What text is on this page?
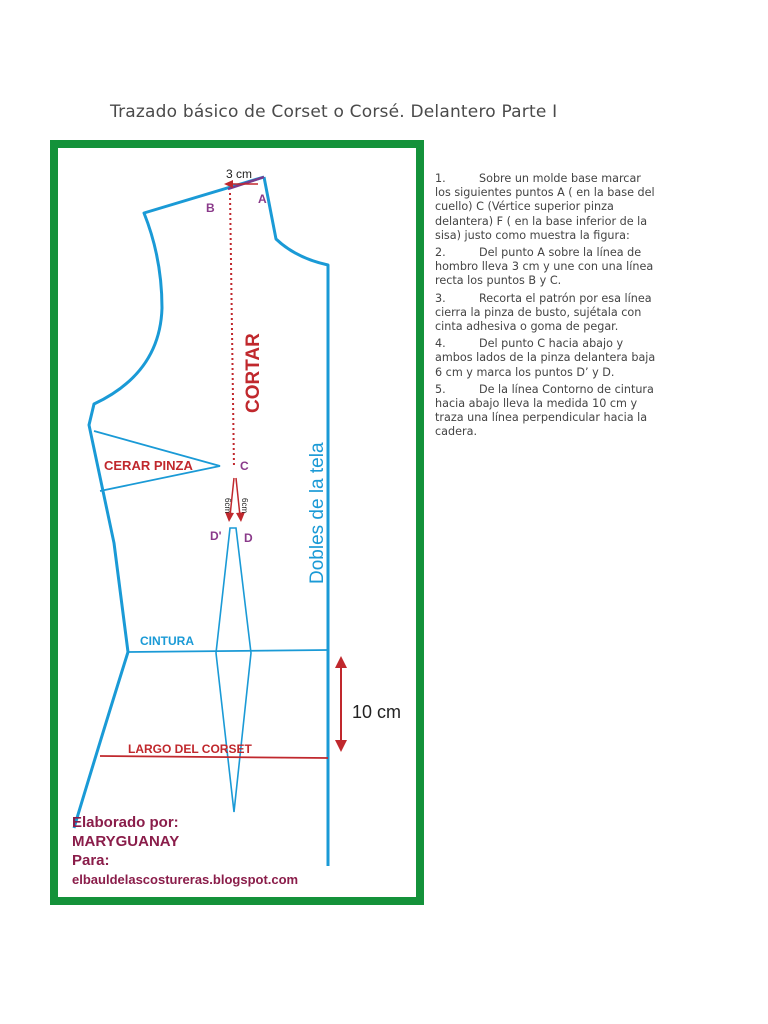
Trazado básico de Corset o Corsé. Delantero Parte I
3 cm
A
B
CORTAR
CERAR PINZA	C
6cm 6cm
D' D	Dobles de la tela
CINTURA
10 cm
LARGO DEL CORSET
Elaborado por:
MARYGUANAY
Para:
elbauldelascostureras.blogspot.com
1.	Sobre un molde base marcar los siguientes puntos A ( en la base del cuello) C (Vértice superior pinza delantera) F ( en la base inferior de la sisa) justo como muestra la figura:
2.	Del punto A sobre la línea de hombro lleva 3 cm y une con una línea recta los puntos B y C.
3.	Recorta el patrón por esa línea cierra la pinza de busto, sujétala con cinta adhesiva o goma de pegar.
4.	Del punto C hacia abajo y ambos lados de la pinza delantera baja 6 cm y marca los puntos D’ y D.
5.	De la línea Contorno de cintura hacia abajo lleva la medida 10 cm y traza una línea perpendicular hacia la cadera.
